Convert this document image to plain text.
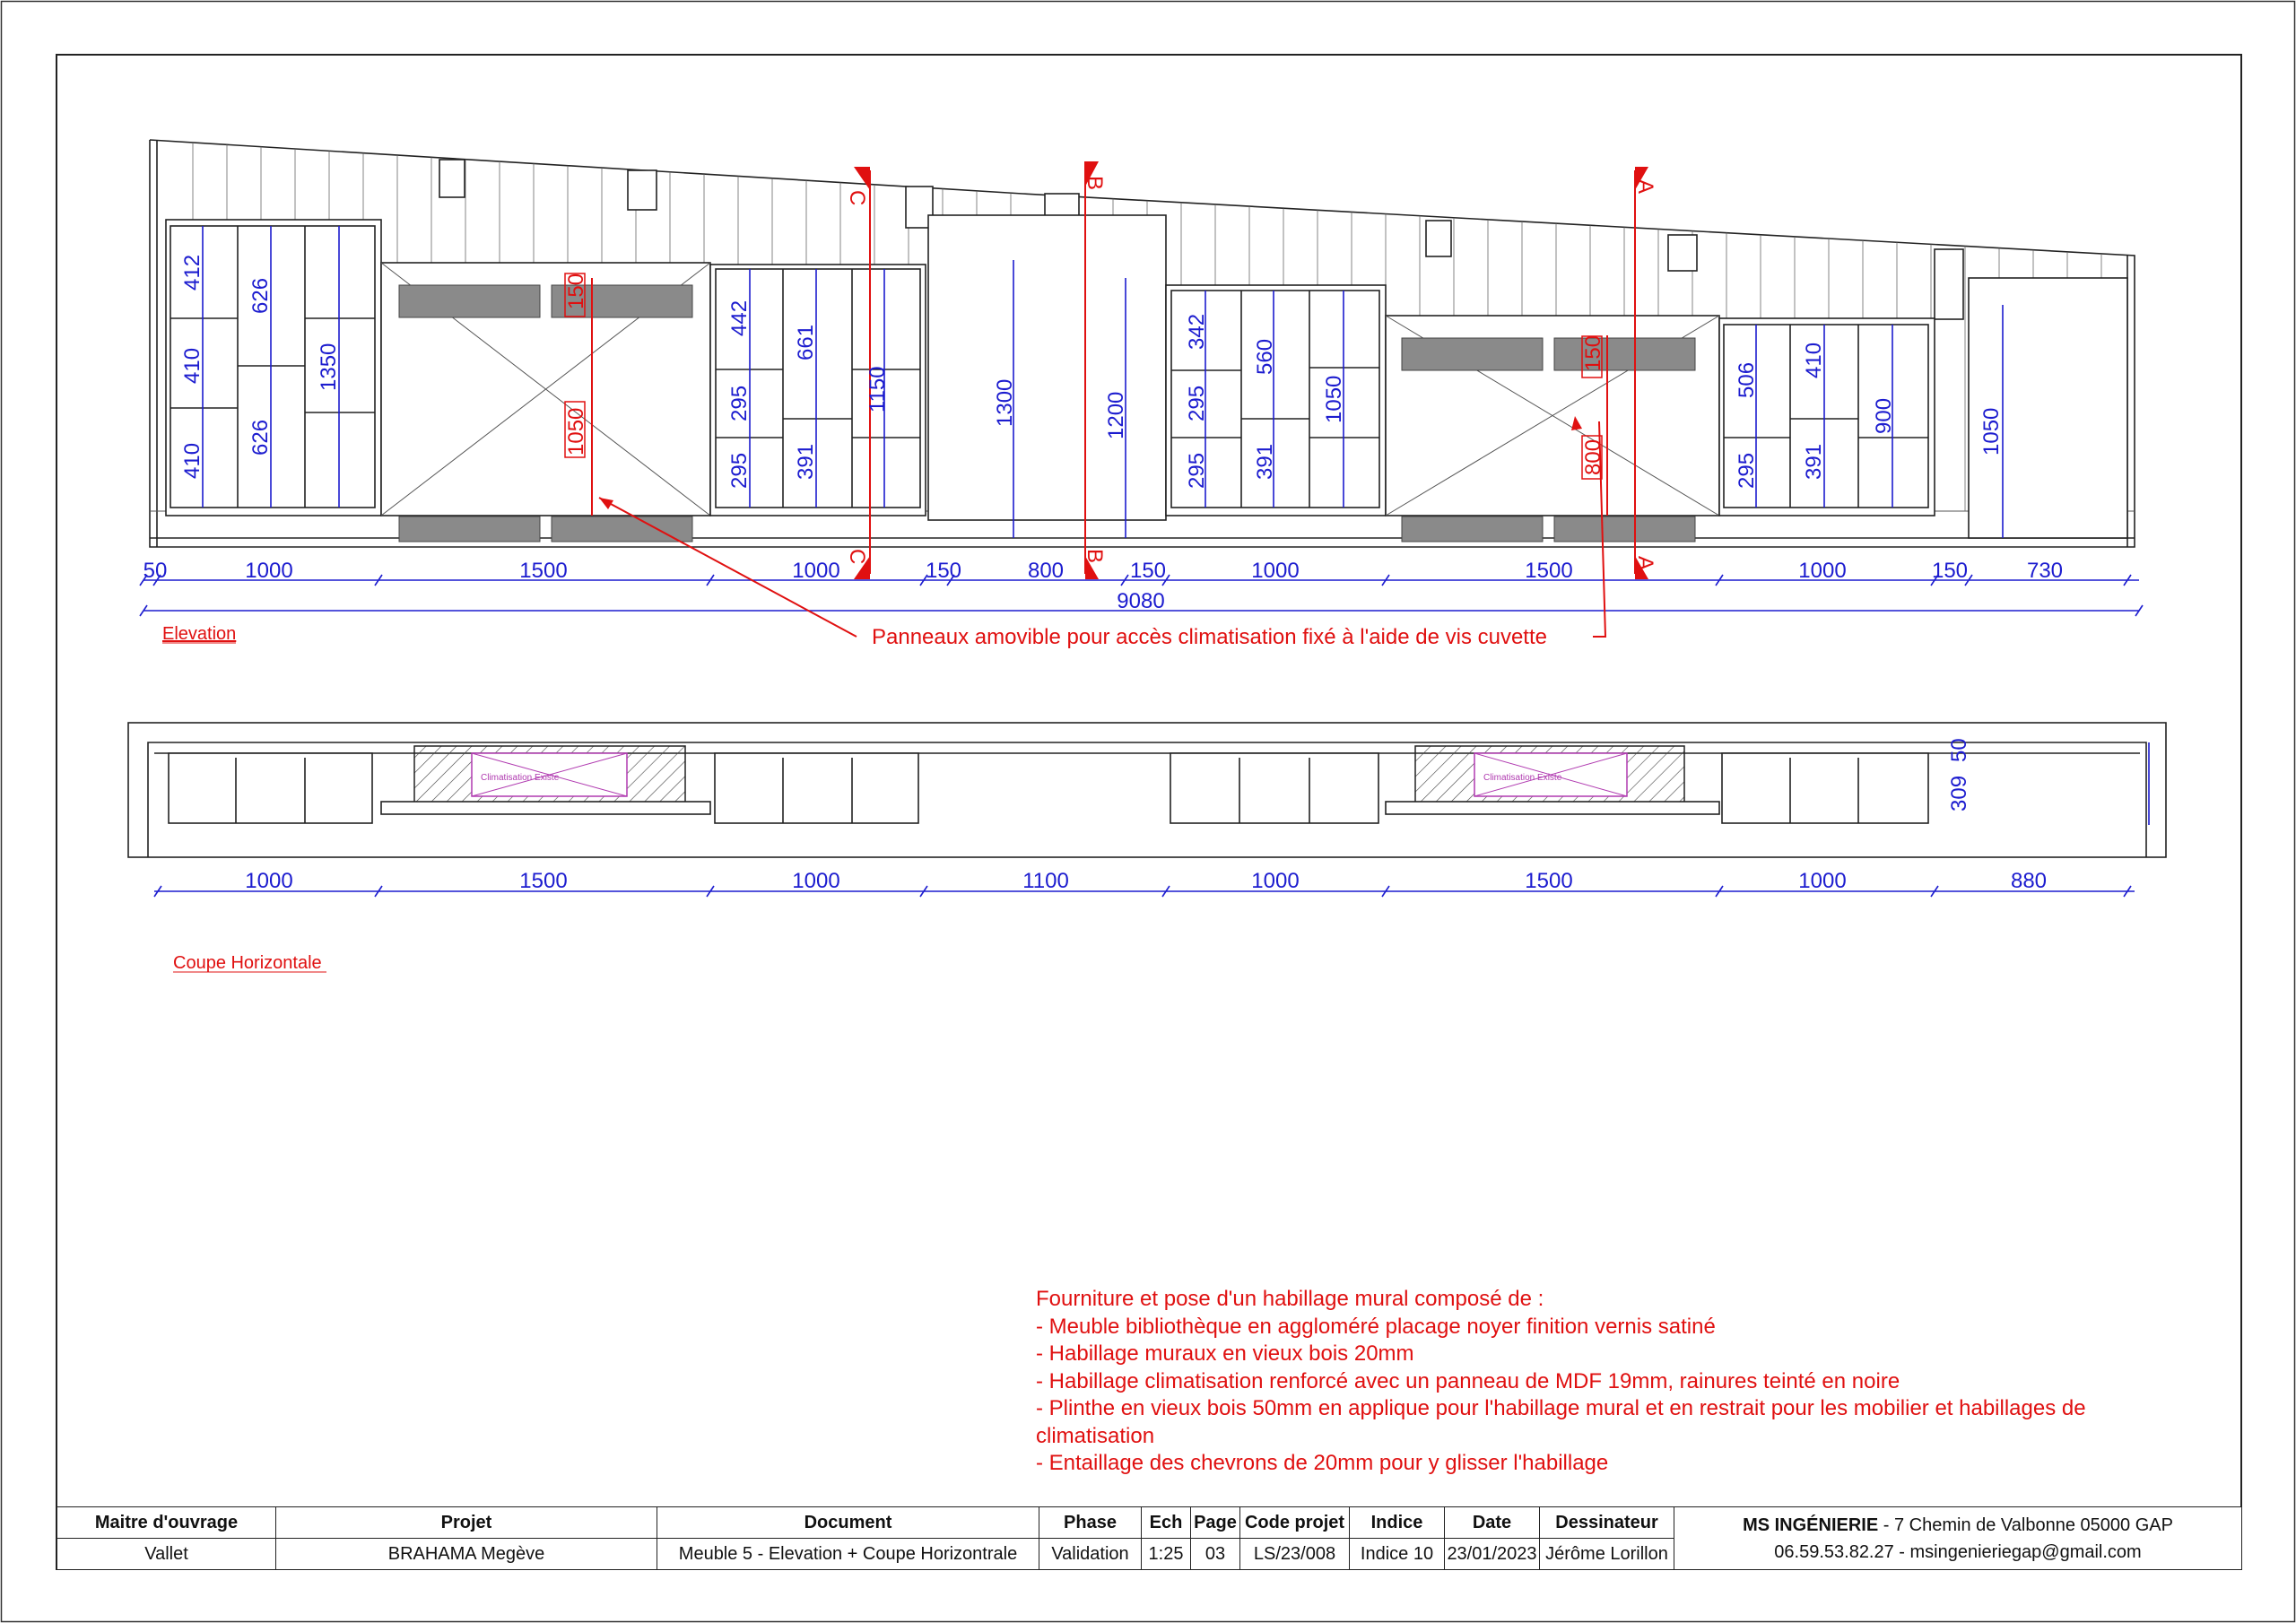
C
C
B
B
A
A
412
410
410
626
626
1350
150
1050
442
295
295
661
391
1150	1300	1200
342
295
295
560
391
1050
150
800
506
295
410
391
900	1050
50	1000	1500	1000	150	800	150	1000	1500	1000	150	730
9080
Panneaux amovible pour accès climatisation fixé à l'aide de vis cuvette
Elevation
Climatisation Existe	Climatisation Existe	309
50
1000	1500	1000	1100	1000	1500	1000	880
Coupe Horizontale
Fourniture et pose d'un habillage mural composé de :
- Meuble bibliothèque en aggloméré placage noyer finition vernis satiné
- Habillage muraux en vieux bois 20mm
- Habillage climatisation renforcé avec un panneau de MDF 19mm, rainures teinté en noire
- Plinthe en vieux bois 50mm en applique pour l'habillage mural et en restrait pour les mobilier et habillages de climatisation
- Entaillage des chevrons de 20mm pour y glisser l'habillage
Maitre d'ouvrage	Projet	Document	Phase	Ech	Page	Code projet	Indice	Date	Dessinateur	MS INGÉNIERIE - 7 Chemin de Valbonne 05000 GAP
06.59.53.82.27 - msingenieriegap@gmail.com

Vallet	BRAHAMA Megève	Meuble 5 - Elevation + Coupe Horizontrale	Validation	1:25	03	LS/23/008	Indice 10	23/01/2023	Jérôme Lorillon	
